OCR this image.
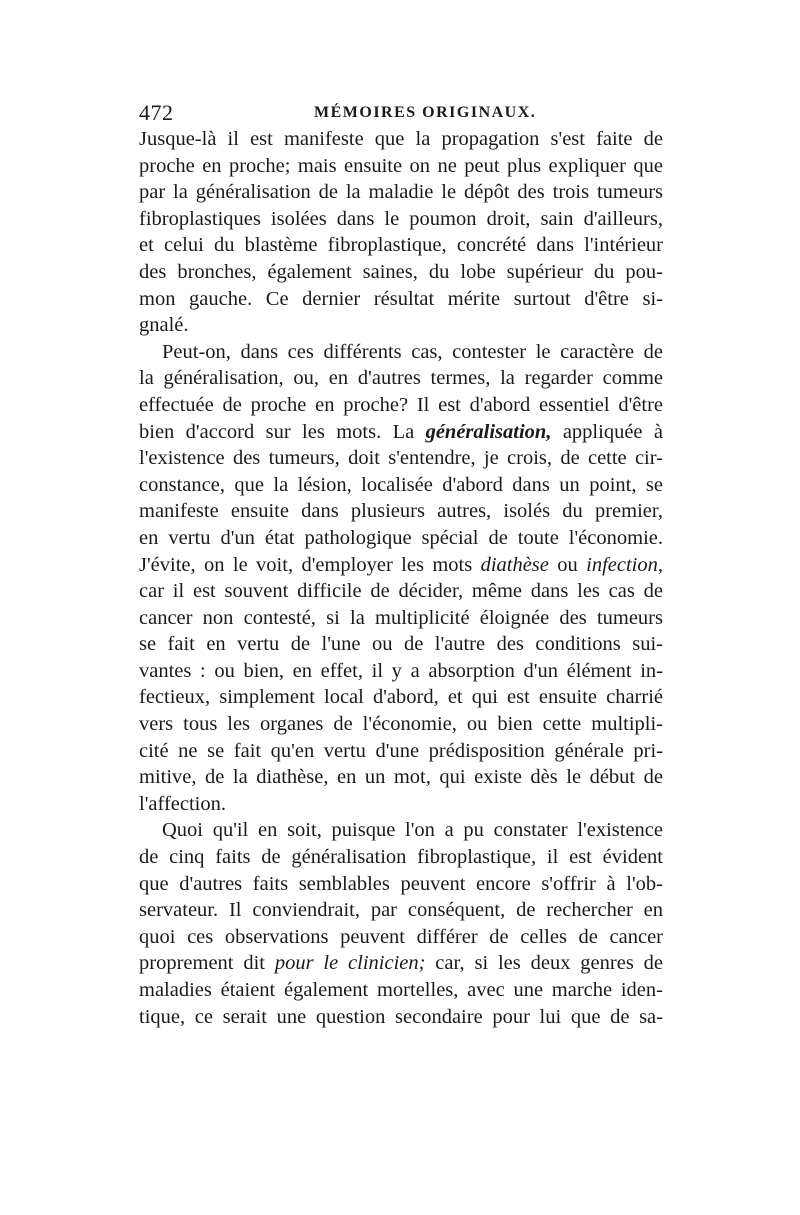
472	MÉMOIRES ORIGINAUX.
Jusque-là il est manifeste que la propagation s'est faite de
proche en proche; mais ensuite on ne peut plus expliquer que
par la généralisation de la maladie le dépôt des trois tumeurs
fibroplastiques isolées dans le poumon droit, sain d'ailleurs,
et celui du blastème fibroplastique, concrété dans l'intérieur
des bronches, également saines, du lobe supérieur du pou-
mon gauche. Ce dernier résultat mérite surtout d'être si-
gnalé.
Peut-on, dans ces différents cas, contester le caractère de
la généralisation, ou, en d'autres termes, la regarder comme
effectuée de proche en proche? Il est d'abord essentiel d'être
bien d'accord sur les mots. La généralisation, appliquée à
l'existence des tumeurs, doit s'entendre, je crois, de cette cir-
constance, que la lésion, localisée d'abord dans un point, se
manifeste ensuite dans plusieurs autres, isolés du premier,
en vertu d'un état pathologique spécial de toute l'économie.
J'évite, on le voit, d'employer les mots diathèse ou infection,
car il est souvent difficile de décider, même dans les cas de
cancer non contesté, si la multiplicité éloignée des tumeurs
se fait en vertu de l'une ou de l'autre des conditions sui-
vantes : ou bien, en effet, il y a absorption d'un élément in-
fectieux, simplement local d'abord, et qui est ensuite charrié
vers tous les organes de l'économie, ou bien cette multipli-
cité ne se fait qu'en vertu d'une prédisposition générale pri-
mitive, de la diathèse, en un mot, qui existe dès le début de
l'affection.
Quoi qu'il en soit, puisque l'on a pu constater l'existence
de cinq faits de généralisation fibroplastique, il est évident
que d'autres faits semblables peuvent encore s'offrir à l'ob-
servateur. Il conviendrait, par conséquent, de rechercher en
quoi ces observations peuvent différer de celles de cancer
proprement dit pour le clinicien; car, si les deux genres de
maladies étaient également mortelles, avec une marche iden-
tique, ce serait une question secondaire pour lui que de sa-
